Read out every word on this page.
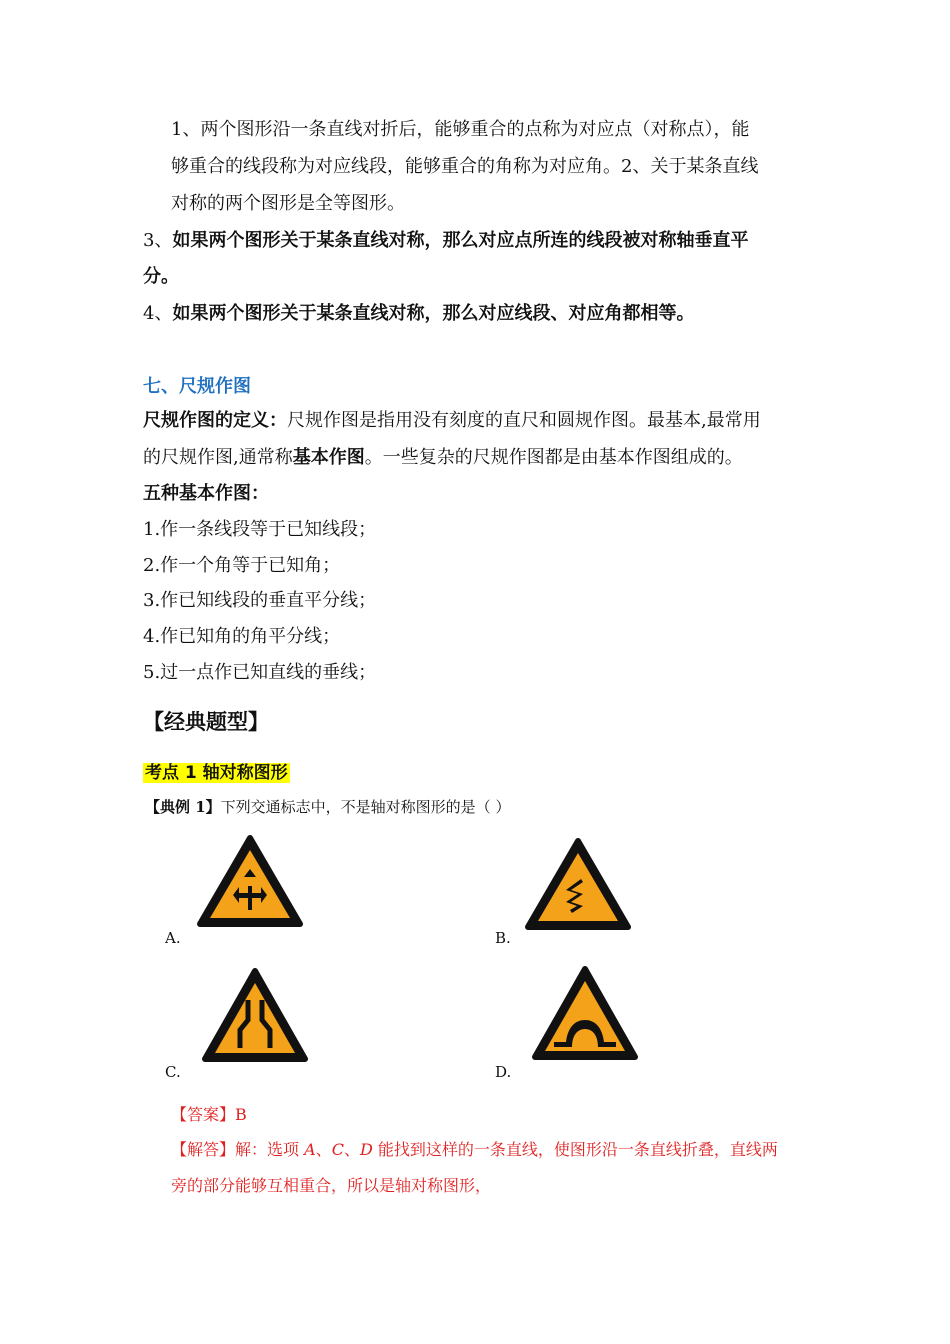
1、两个图形沿一条直线对折后，能够重合的点称为对应点（对称点），能
够重合的线段称为对应线段，能够重合的角称为对应角。2、关于某条直线
对称的两个图形是全等图形。
3、如果两个图形关于某条直线对称，那么对应点所连的线段被对称轴垂直平
分。
4、如果两个图形关于某条直线对称，那么对应线段、对应角都相等。
七、尺规作图
尺规作图的定义：尺规作图是指用没有刻度的直尺和圆规作图。最基本,最常用
的尺规作图,通常称基本作图。一些复杂的尺规作图都是由基本作图组成的。
五种基本作图：
1.作一条线段等于已知线段；
2.作一个角等于已知角；
3.作已知线段的垂直平分线；
4.作已知角的角平分线；
5.过一点作已知直线的垂线；
【经典题型】
考点 1 轴对称图形
【典例 1】下列交通标志中，不是轴对称图形的是（ ）
A.	B.
C.	D.
【答案】B
【解答】解：选项 A、C、D 能找到这样的一条直线，使图形沿一条直线折叠，直线两
旁的部分能够互相重合，所以是轴对称图形，
